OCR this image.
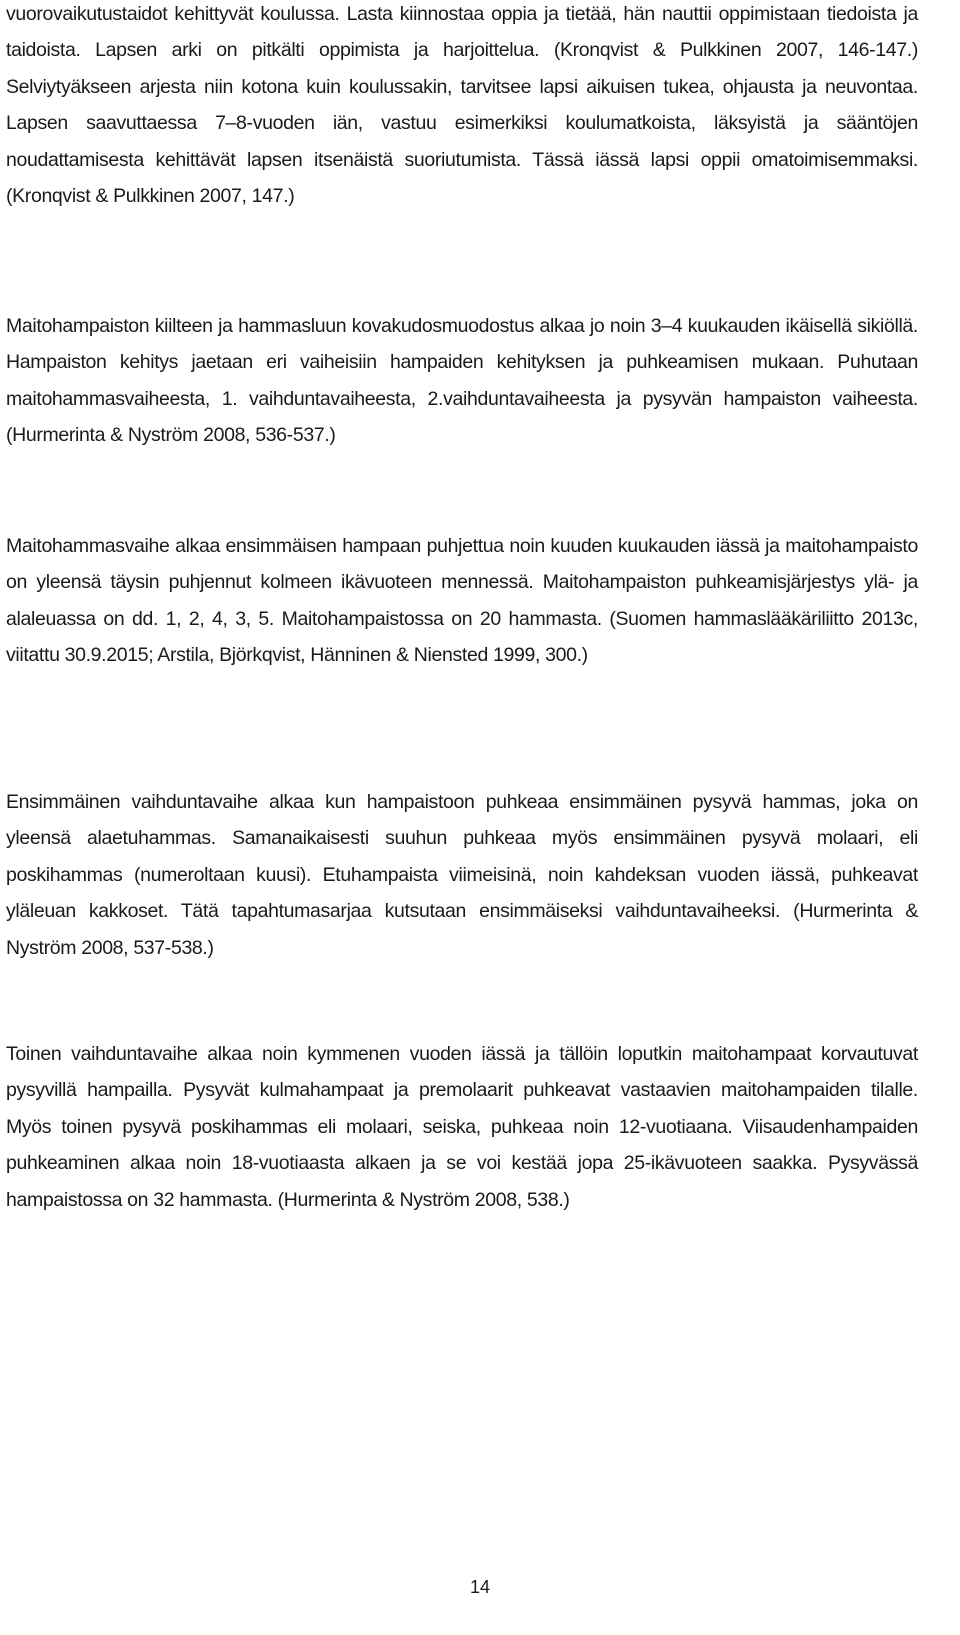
vuorovaikutustaidot kehittyvät koulussa. Lasta kiinnostaa oppia ja tietää, hän nauttii oppimistaan tiedoista ja taidoista. Lapsen arki on pitkälti oppimista ja harjoittelua. (Kronqvist & Pulkkinen 2007, 146-147.) Selviytyäkseen arjesta niin kotona kuin koulussakin, tarvitsee lapsi aikuisen tukea, ohjausta ja neuvontaa. Lapsen saavuttaessa 7–8-vuoden iän, vastuu esimerkiksi koulumatkoista, läksyistä ja sääntöjen noudattamisesta kehittävät lapsen itsenäistä suoriutumista. Tässä iässä lapsi oppii omatoimisemmaksi. (Kronqvist & Pulkkinen 2007, 147.)

Maitohampaiston kiilteen ja hammasluun kovakudosmuodostus alkaa jo noin 3–4 kuukauden ikäisellä sikiöllä. Hampaiston kehitys jaetaan eri vaiheisiin hampaiden kehityksen ja puhkeamisen mukaan. Puhutaan maitohammasvaiheesta, 1. vaihduntavaiheesta, 2.vaihduntavaiheesta ja pysyvän hampaiston vaiheesta. (Hurmerinta & Nyström 2008, 536-537.)

Maitohammasvaihe alkaa ensimmäisen hampaan puhjettua noin kuuden kuukauden iässä ja maitohampaisto on yleensä täysin puhjennut kolmeen ikävuoteen mennessä. Maitohampaiston puhkeamisjärjestys ylä- ja alaleuassa on dd. 1, 2, 4, 3, 5. Maitohampaistossa on 20 hammasta. (Suomen hammaslääkäriliitto 2013c, viitattu 30.9.2015; Arstila, Björkqvist, Hänninen & Niensted 1999, 300.)

Ensimmäinen vaihduntavaihe alkaa kun hampaistoon puhkeaa ensimmäinen pysyvä hammas, joka on yleensä alaetuhammas. Samanaikaisesti suuhun puhkeaa myös ensimmäinen pysyvä molaari, eli poskihammas (numeroltaan kuusi). Etuhampaista viimeisinä, noin kahdeksan vuoden iässä, puhkeavat yläleuan kakkoset. Tätä tapahtumasarjaa kutsutaan ensimmäiseksi vaihduntavaiheeksi. (Hurmerinta & Nyström 2008, 537-538.)

Toinen vaihduntavaihe alkaa noin kymmenen vuoden iässä ja tällöin loputkin maitohampaat korvautuvat pysyvillä hampailla. Pysyvät kulmahampaat ja premolaarit puhkeavat vastaavien maitohampaiden tilalle. Myös toinen pysyvä poskihammas eli molaari, seiska, puhkeaa noin 12-vuotiaana. Viisaudenhampaiden puhkeaminen alkaa noin 18-vuotiaasta alkaen ja se voi kestää jopa 25-ikävuoteen saakka. Pysyvässä hampaistossa on 32 hammasta. (Hurmerinta & Nyström 2008, 538.)

14
